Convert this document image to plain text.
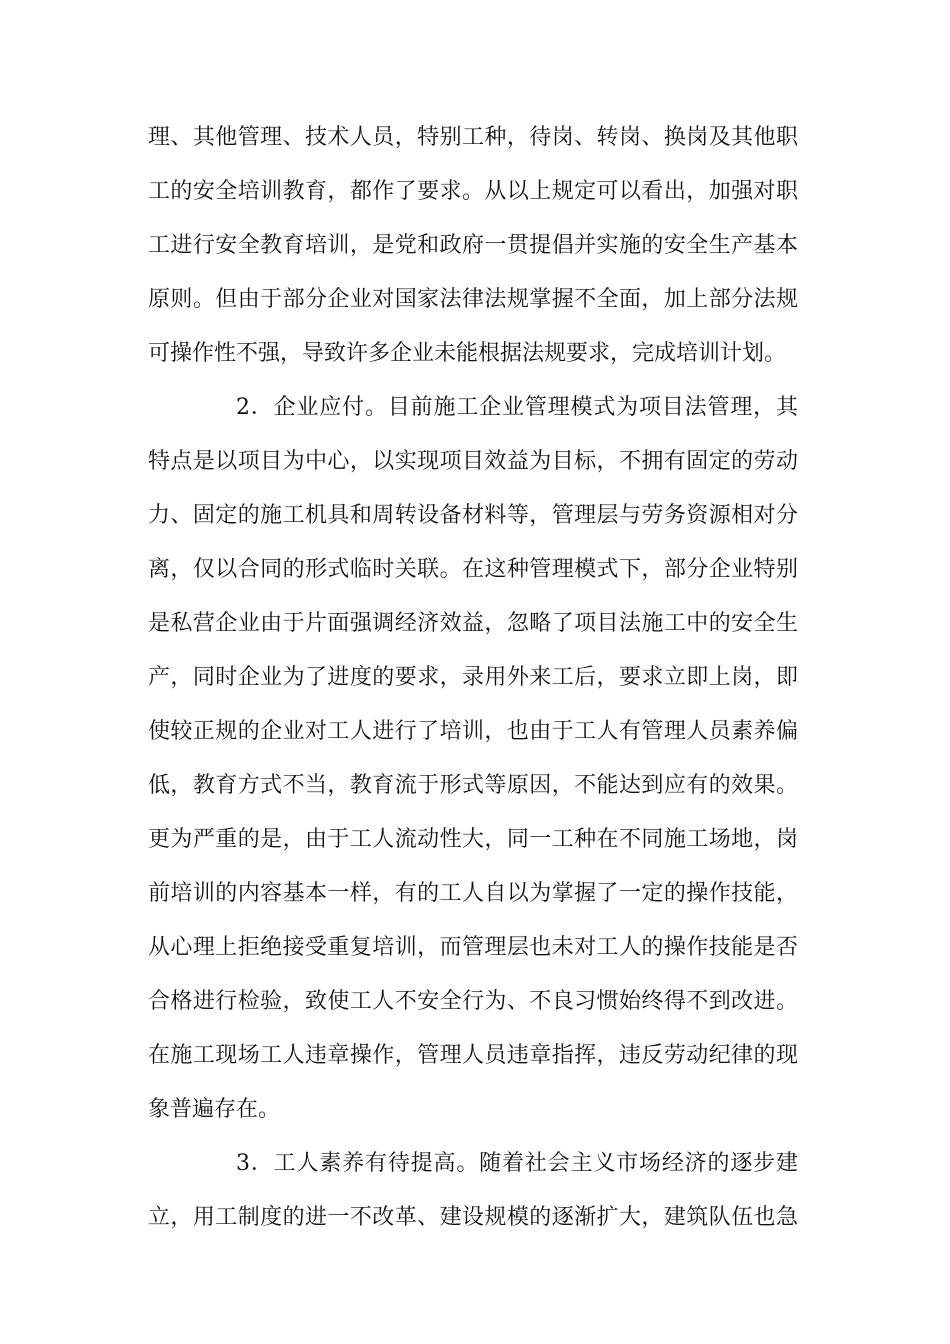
理、其他管理、技术人员，特别工种，待岗、转岗、换岗及其他职
工的安全培训教育，都作了要求。从以上规定可以看出，加强对职
工进行安全教育培训，是党和政府一贯提倡并实施的安全生产基本
原则。但由于部分企业对国家法律法规掌握不全面，加上部分法规
可操作性不强，导致许多企业未能根据法规要求，完成培训计划。
2．企业应付。目前施工企业管理模式为项目法管理，其
特点是以项目为中心，以实现项目效益为目标，不拥有固定的劳动
力、固定的施工机具和周转设备材料等，管理层与劳务资源相对分
离，仅以合同的形式临时关联。在这种管理模式下，部分企业特别
是私营企业由于片面强调经济效益，忽略了项目法施工中的安全生
产，同时企业为了进度的要求，录用外来工后，要求立即上岗，即
使较正规的企业对工人进行了培训，也由于工人有管理人员素养偏
低，教育方式不当，教育流于形式等原因，不能达到应有的效果。
更为严重的是，由于工人流动性大，同一工种在不同施工场地，岗
前培训的内容基本一样，有的工人自以为掌握了一定的操作技能，
从心理上拒绝接受重复培训，而管理层也未对工人的操作技能是否
合格进行检验，致使工人不安全行为、不良习惯始终得不到改进。
在施工现场工人违章操作，管理人员违章指挥，违反劳动纪律的现
象普遍存在。
3．工人素养有待提高。随着社会主义市场经济的逐步建
立，用工制度的进一不改革、建设规模的逐渐扩大，建筑队伍也急
